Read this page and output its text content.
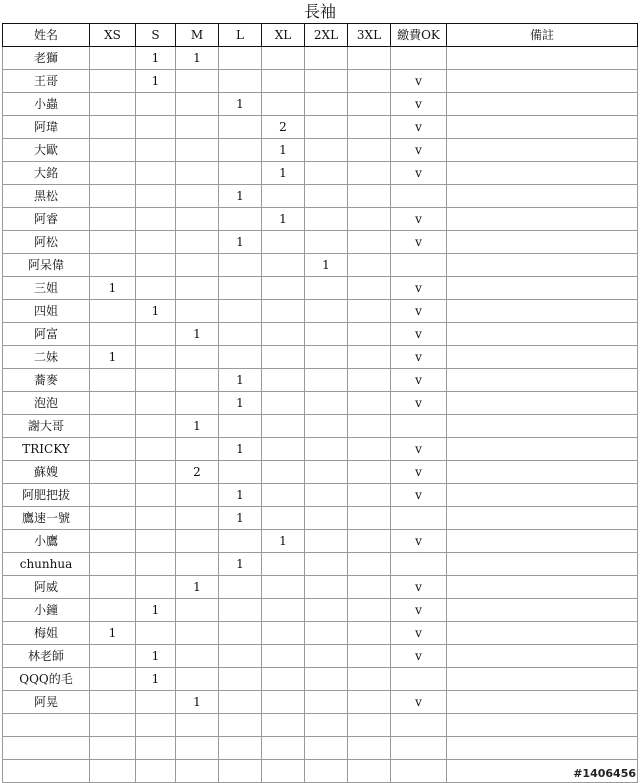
長袖
姓名	XS	S	M	L	XL	2XL	3XL	繳費OK	備註
老獅		1	1						
王哥		1						v	
小蟲				1				v	
阿瑋					2			v	
大歐					1			v	
大銘					1			v	
黑松				1					
阿睿					1			v	
阿松				1				v	
阿呆偉						1			
三姐	1							v	
四姐		1						v	
阿富			1					v	
二妹	1							v	
蕎麥				1				v	
泡泡				1				v	
謝大哥			1						
TRICKY				1				v	
蘇嫂			2					v	
阿肥把拔				1				v	
鷹速一號				1					
小鷹					1			v	
chunhua				1					
阿威			1					v	
小鐘		1						v	
梅姐	1							v	
林老師		1						v	
QQQ的毛		1							
阿晃			1					v	

#1406456
